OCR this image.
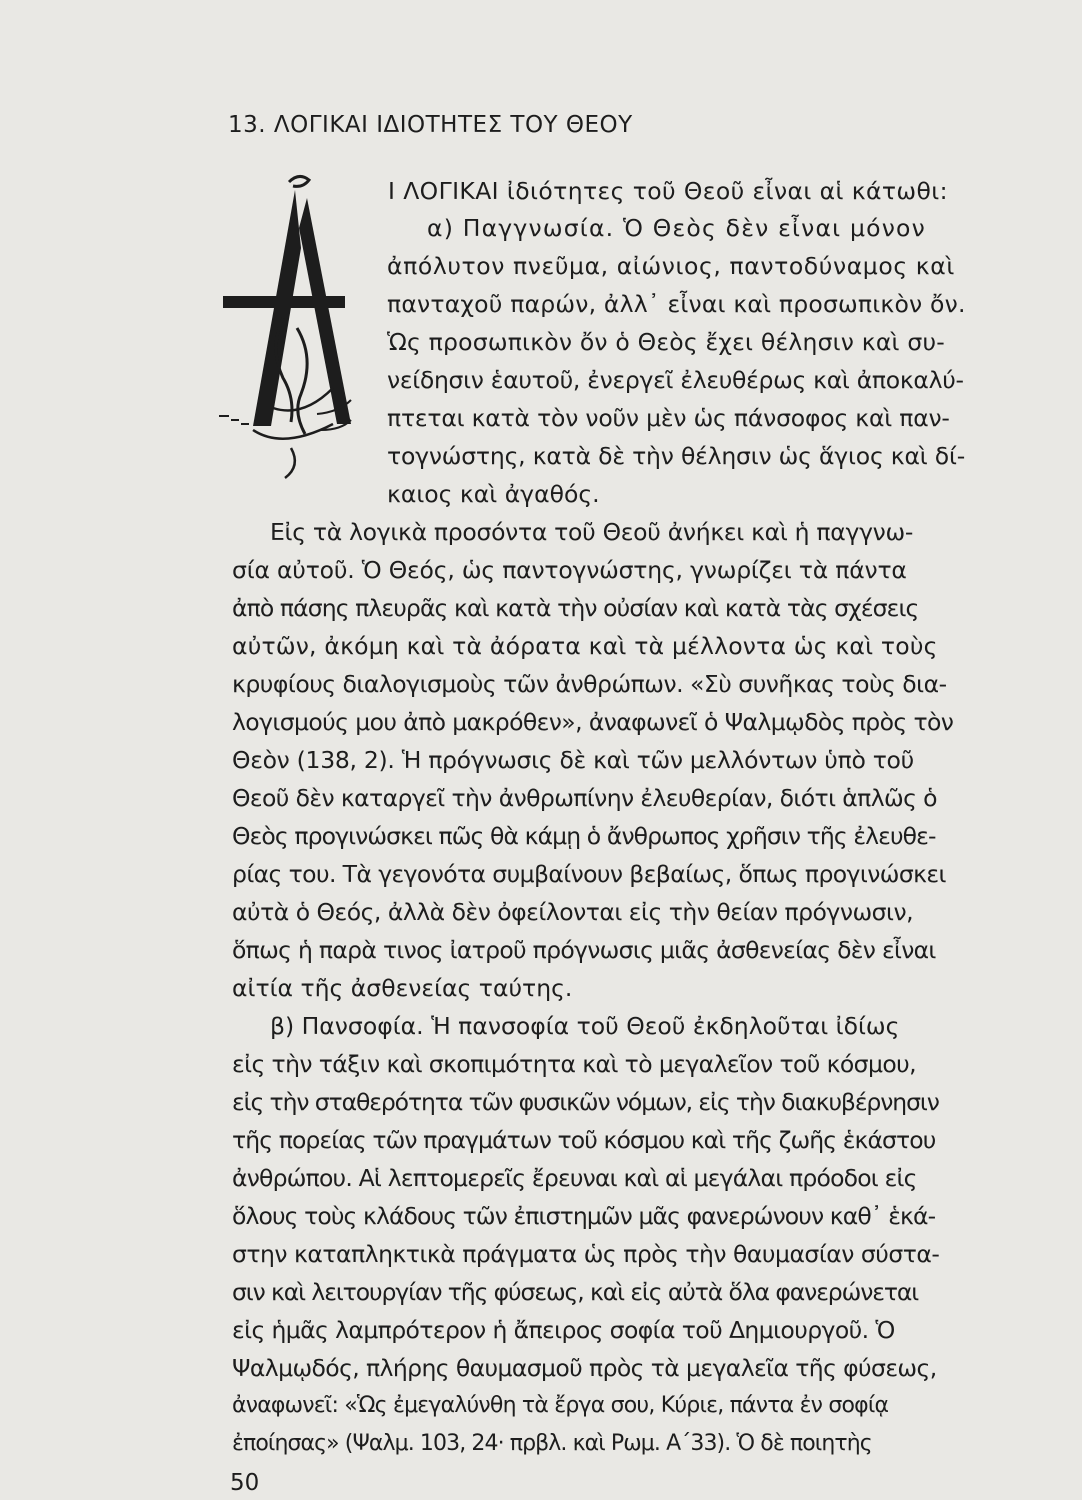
13. ΛΟΓΙΚΑΙ ΙΔΙΟΤΗΤΕΣ ΤΟΥ ΘΕΟΥ
Ι ΛΟΓΙΚΑΙ ἰδιότητες τοῦ Θεοῦ εἶναι αἱ κάτωθι:
α) Παγγνωσία. Ὁ Θεὸς δὲν εἶναι μόνον
ἀπόλυτον πνεῦμα, αἰώνιος, παντοδύναμος καὶ
πανταχοῦ παρών, ἀλλ᾽ εἶναι καὶ προσωπικὸν ὄν.
Ὡς προσωπικὸν ὄν ὁ Θεὸς ἔχει θέλησιν καὶ συ-
νείδησιν ἑαυτοῦ, ἐνεργεῖ ἐλευθέρως καὶ ἀποκαλύ-
πτεται κατὰ τὸν νοῦν μὲν ὡς πάνσοφος καὶ παν-
τογνώστης, κατὰ δὲ τὴν θέλησιν ὡς ἅγιος καὶ δί-
καιος καὶ ἀγαθός.
Εἰς τὰ λογικὰ προσόντα τοῦ Θεοῦ ἀνήκει καὶ ἡ παγγνω-
σία αὐτοῦ. Ὁ Θεός, ὡς παντογνώστης, γνωρίζει τὰ πάντα
ἀπὸ πάσης πλευρᾶς καὶ κατὰ τὴν οὐσίαν καὶ κατὰ τὰς σχέσεις
αὐτῶν, ἀκόμη καὶ τὰ ἀόρατα καὶ τὰ μέλλοντα ὡς καὶ τοὺς
κρυφίους διαλογισμοὺς τῶν ἀνθρώπων. «Σὺ συνῆκας τοὺς δια-
λογισμούς μου ἀπὸ μακρόθεν», ἀναφωνεῖ ὁ Ψαλμῳδὸς πρὸς τὸν
Θεὸν (138, 2). Ἡ πρόγνωσις δὲ καὶ τῶν μελλόντων ὑπὸ τοῦ
Θεοῦ δὲν καταργεῖ τὴν ἀνθρωπίνην ἐλευθερίαν, διότι ἁπλῶς ὁ
Θεὸς προγινώσκει πῶς θὰ κάμῃ ὁ ἄνθρωπος χρῆσιν τῆς ἐλευθε-
ρίας του. Τὰ γεγονότα συμβαίνουν βεβαίως, ὅπως προγινώσκει
αὐτὰ ὁ Θεός, ἀλλὰ δὲν ὀφείλονται εἰς τὴν θείαν πρόγνωσιν,
ὅπως ἡ παρὰ τινος ἰατροῦ πρόγνωσις μιᾶς ἀσθενείας δὲν εἶναι
αἰτία τῆς ἀσθενείας ταύτης.
β) Πανσοφία. Ἡ πανσοφία τοῦ Θεοῦ ἐκδηλοῦται ἰδίως
εἰς τὴν τάξιν καὶ σκοπιμότητα καὶ τὸ μεγαλεῖον τοῦ κόσμου,
εἰς τὴν σταθερότητα τῶν φυσικῶν νόμων, εἰς τὴν διακυβέρνησιν
τῆς πορείας τῶν πραγμάτων τοῦ κόσμου καὶ τῆς ζωῆς ἑκάστου
ἀνθρώπου. Αἱ λεπτομερεῖς ἔρευναι καὶ αἱ μεγάλαι πρόοδοι εἰς
ὅλους τοὺς κλάδους τῶν ἐπιστημῶν μᾶς φανερώνουν καθ᾽ ἑκά-
στην καταπληκτικὰ πράγματα ὡς πρὸς τὴν θαυμασίαν σύστα-
σιν καὶ λειτουργίαν τῆς φύσεως, καὶ εἰς αὐτὰ ὅλα φανερώνεται
εἰς ἡμᾶς λαμπρότερον ἡ ἄπειρος σοφία τοῦ Δημιουργοῦ. Ὁ
Ψαλμῳδός, πλήρης θαυμασμοῦ πρὸς τὰ μεγαλεῖα τῆς φύσεως,
ἀναφωνεῖ: «Ὡς ἐμεγαλύνθη τὰ ἔργα σου, Κύριε, πάντα ἐν σοφίᾳ
ἐποίησας» (Ψαλμ. 103, 24· πρβλ. καὶ Ρωμ. Α´33). Ὁ δὲ ποιητὴς
50
